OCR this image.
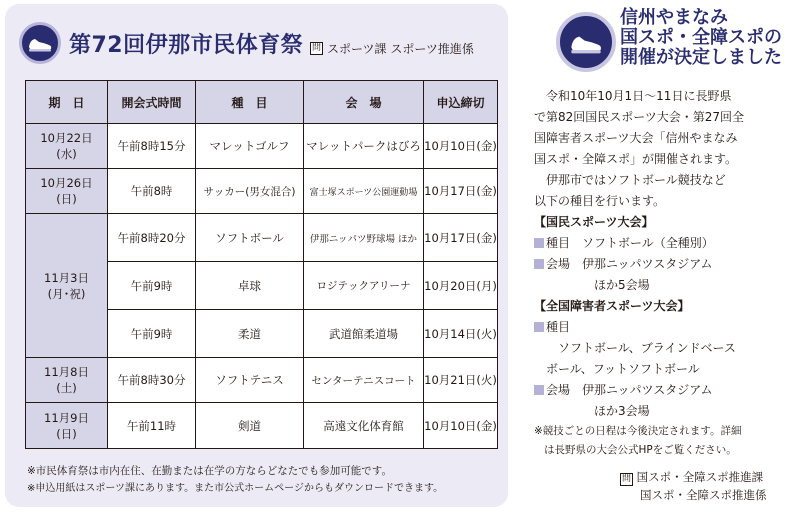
第72回伊那市民体育祭 問 スポーツ課 スポーツ推進係
期　日	開会式時間	種　目	会　場	申込締切
10月22日
(水)	午前8時15分	マレットゴルフ	マレットパークはびろ	10月10日(金)
10月26日
(日)	午前8時	サッカー(男女混合)	富士塚スポーツ公園運動場	10月17日(金)
11月3日
(月･祝)	午前8時20分	ソフトボール	伊那ニッパツ野球場 ほか	10月17日(金)
	午前9時	卓球	ロジテックアリーナ	10月20日(月)
	午前9時	柔道	武道館柔道場	10月14日(火)
11月8日
(土)	午前8時30分	ソフトテニス	センターテニスコート	10月21日(火)
11月9日
(日)	午前11時	剣道	高遠文化体育館	10月10日(金)
※市民体育祭は市内在住、在勤または在学の方ならどなたでも参加可能です。
※申込用紙はスポーツ課にあります。また市公式ホームページからもダウンロードできます。
信州やまなみ
国スポ・全障スポの
開催が決定しました
令和10年10月1日～11日に長野県
で第82回国民スポーツ大会・第27回全
国障害者スポーツ大会「信州やまなみ
国スポ・全障スポ」が開催されます。
　伊那市ではソフトボール競技など
以下の種目を行います。
【国民スポーツ大会】
種目　 ソフトボール（全種別）
会場　 伊那ニッパツスタジアム
ほか5会場
【全国障害者スポーツ大会】
種目
ソフトボール、ブラインドベース
ボール、フットソフトボール
会場　 伊那ニッパツスタジアム
ほか3会場
※競技ごとの日程は今後決定されます。詳細
は長野県の大会公式HPをご覧ください。
問 国スポ・全障スポ推進課
国スポ・全障スポ推進係
